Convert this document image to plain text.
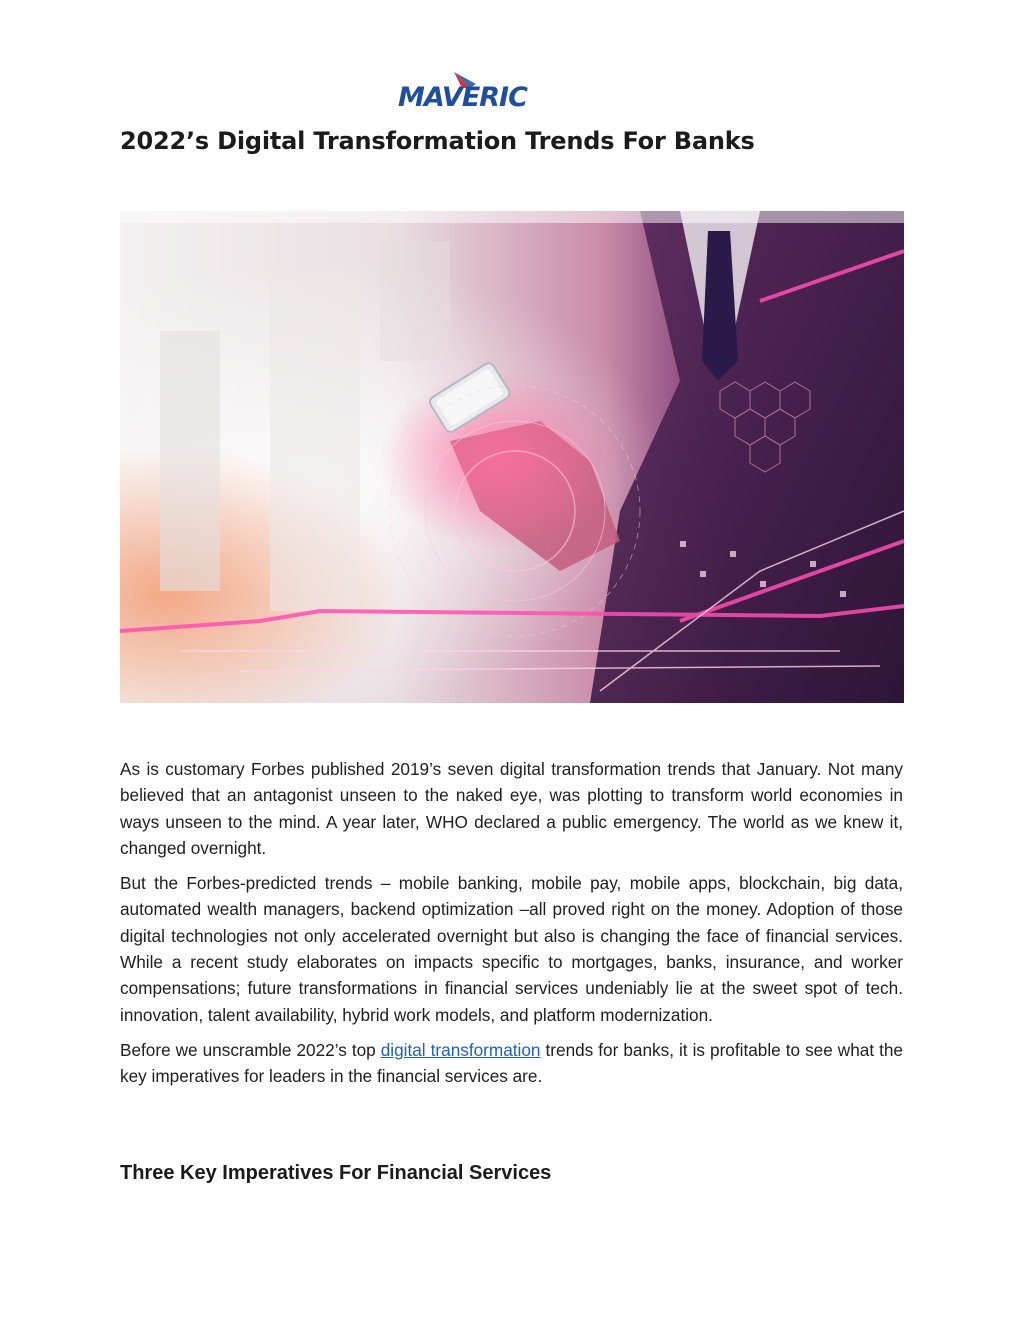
MAVERIC
2022’s Digital Transformation Trends For Banks

As is customary Forbes published 2019’s seven digital transformation trends that January. Not many believed that an antagonist unseen to the naked eye, was plotting to transform world economies in ways unseen to the mind. A year later, WHO declared a public emergency. The world as we knew it, changed overnight.

But the Forbes-predicted trends – mobile banking, mobile pay, mobile apps, blockchain, big data, automated wealth managers, backend optimization –all proved right on the money. Adoption of those digital technologies not only accelerated overnight but also is changing the face of financial services. While a recent study elaborates on impacts specific to mortgages, banks, insurance, and worker compensations; future transformations in financial services undeniably lie at the sweet spot of tech. innovation, talent availability, hybrid work models, and platform modernization.

Before we unscramble 2022’s top digital transformation trends for banks, it is profitable to see what the key imperatives for leaders in the financial services are.

Three Key Imperatives For Financial Services
